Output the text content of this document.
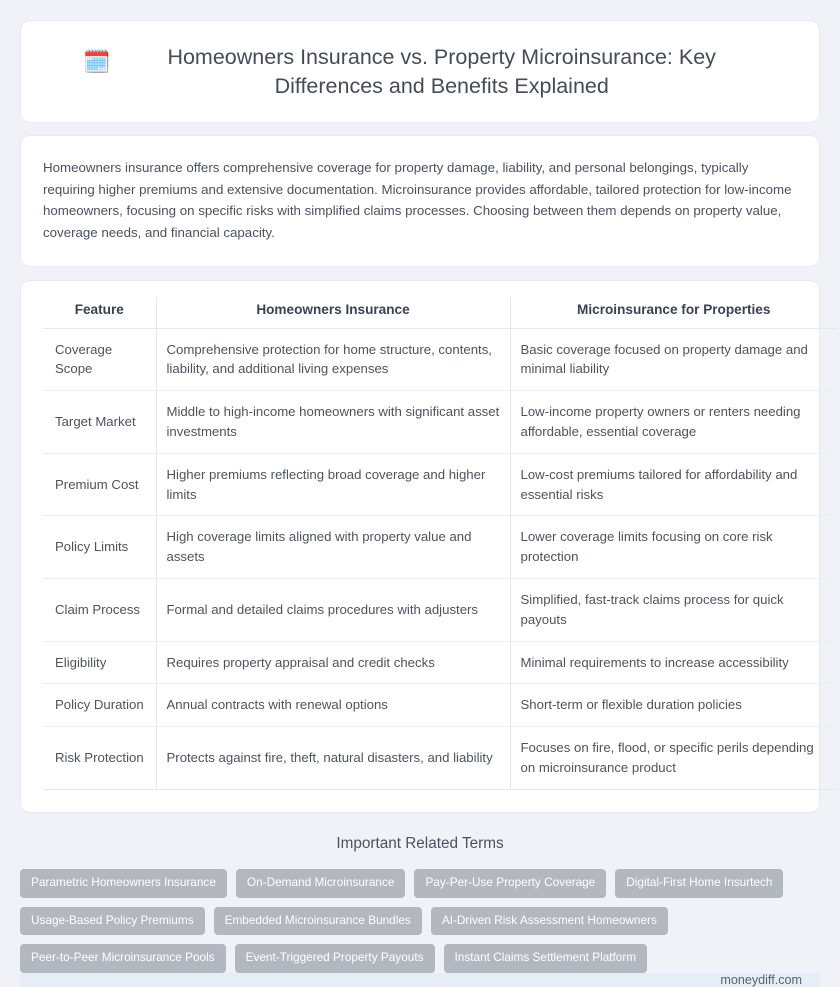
🗓️	Homeowners Insurance vs. Property Microinsurance: Key Differences and Benefits Explained

Homeowners insurance offers comprehensive coverage for property damage, liability, and personal belongings, typically requiring higher premiums and extensive documentation. Microinsurance provides affordable, tailored protection for low-income homeowners, focusing on specific risks with simplified claims processes. Choosing between them depends on property value, coverage needs, and financial capacity.

Feature	Homeowners Insurance	Microinsurance for Properties
Coverage Scope	Comprehensive protection for home structure, contents, liability, and additional living expenses	Basic coverage focused on property damage and minimal liability
Target Market	Middle to high-income homeowners with significant asset investments	Low-income property owners or renters needing affordable, essential coverage
Premium Cost	Higher premiums reflecting broad coverage and higher limits	Low-cost premiums tailored for affordability and essential risks
Policy Limits	High coverage limits aligned with property value and assets	Lower coverage limits focusing on core risk protection
Claim Process	Formal and detailed claims procedures with adjusters	Simplified, fast-track claims process for quick payouts
Eligibility	Requires property appraisal and credit checks	Minimal requirements to increase accessibility
Policy Duration	Annual contracts with renewal options	Short-term or flexible duration policies
Risk Protection	Protects against fire, theft, natural disasters, and liability	Focuses on fire, flood, or specific perils depending on microinsurance product
Important Related Terms
Parametric Homeowners Insurance	On-Demand Microinsurance	Pay-Per-Use Property Coverage	Digital-First Home Insurtech
Usage-Based Policy Premiums	Embedded Microinsurance Bundles	AI-Driven Risk Assessment Homeowners
Peer-to-Peer Microinsurance Pools	Event-Triggered Property Payouts	Instant Claims Settlement Platform
moneydiff.com
